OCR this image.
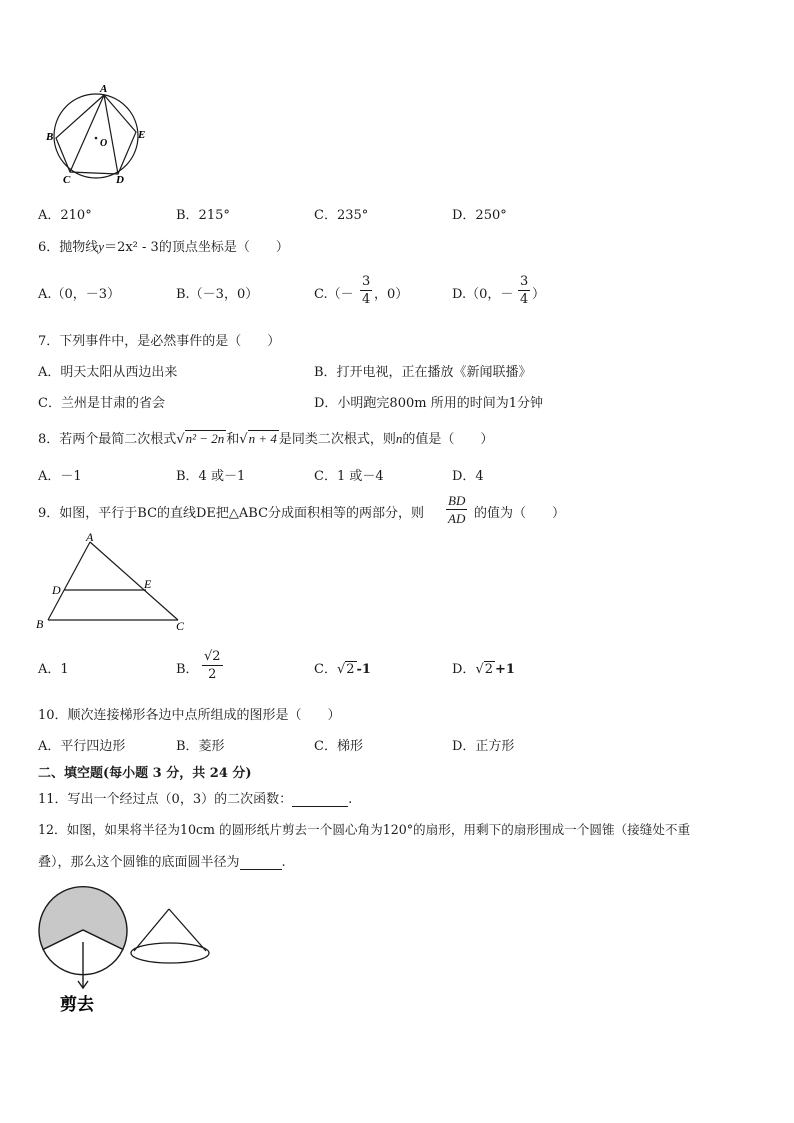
A
B
C	D
E
O
A．210°	B．215°	C．235°	D．250°
6．抛物线y＝2x² - 3的顶点坐标是（　　）
A.（0，－3）	B.（－3，0）	C.（－
3
4 ，0）	D.（0，－
3
4 ）
7．下列事件中，是必然事件的是（　　）
A．明天太阳从西边出来	B．打开电视，正在播放《新闻联播》
C．兰州是甘肃的省会	D．小明跑完800m 所用的时间为1分钟
8．若两个最简二次根式√n² − 2n 和√n + 4 是同类二次根式，则n的值是（　　）
A．－1	B．4 或－1	C．1 或－4	D．4
9．如图，平行于BC的直线DE把△ABC分成面积相等的两部分，则
BD
AD 的值为（　　）
A
D	E
B	C
A．1	B．
√2
2	C．√2 -1	D．√2 +1
10．顺次连接梯形各边中点所组成的图形是（　　）
A．平行四边形	B．菱形	C．梯形	D．正方形
二、填空题(每小题 3 分，共 24 分)
11．写出一个经过点（0，3）的二次函数：	.
12．如图，如果将半径为10cm 的圆形纸片剪去一个圆心角为120°的扇形，用剩下的扇形围成一个圆锥（接缝处不重
叠），那么这个圆锥的底面圆半径为	.
剪去
